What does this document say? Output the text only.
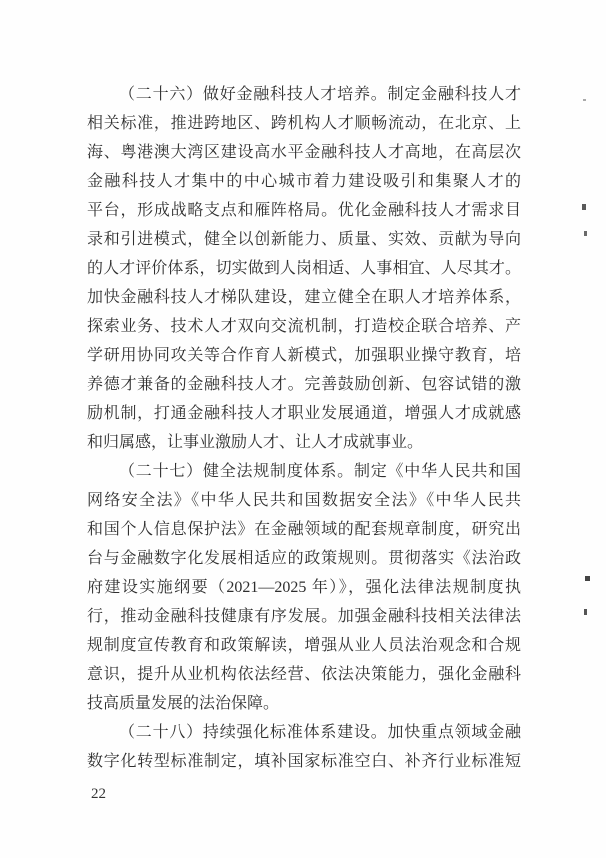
（二十六）做好金融科技人才培养。制定金融科技人才
相关标准，推进跨地区、跨机构人才顺畅流动，在北京、上
海、粤港澳大湾区建设高水平金融科技人才高地，在高层次
金融科技人才集中的中心城市着力建设吸引和集聚人才的
平台，形成战略支点和雁阵格局。优化金融科技人才需求目
录和引进模式，健全以创新能力、质量、实效、贡献为导向
的人才评价体系，切实做到人岗相适、人事相宜、人尽其才。
加快金融科技人才梯队建设，建立健全在职人才培养体系，
探索业务、技术人才双向交流机制，打造校企联合培养、产
学研用协同攻关等合作育人新模式，加强职业操守教育，培
养德才兼备的金融科技人才。完善鼓励创新、包容试错的激
励机制，打通金融科技人才职业发展通道，增强人才成就感
和归属感，让事业激励人才、让人才成就事业。
（二十七）健全法规制度体系。制定《中华人民共和国
网络安全法》《中华人民共和国数据安全法》《中华人民共
和国个人信息保护法》在金融领域的配套规章制度，研究出
台与金融数字化发展相适应的政策规则。贯彻落实《法治政
府建设实施纲要（2021—2025 年）》，强化法律法规制度执
行，推动金融科技健康有序发展。加强金融科技相关法律法
规制度宣传教育和政策解读，增强从业人员法治观念和合规
意识，提升从业机构依法经营、依法决策能力，强化金融科
技高质量发展的法治保障。
（二十八）持续强化标准体系建设。加快重点领域金融
数字化转型标准制定，填补国家标准空白、补齐行业标准短
22
